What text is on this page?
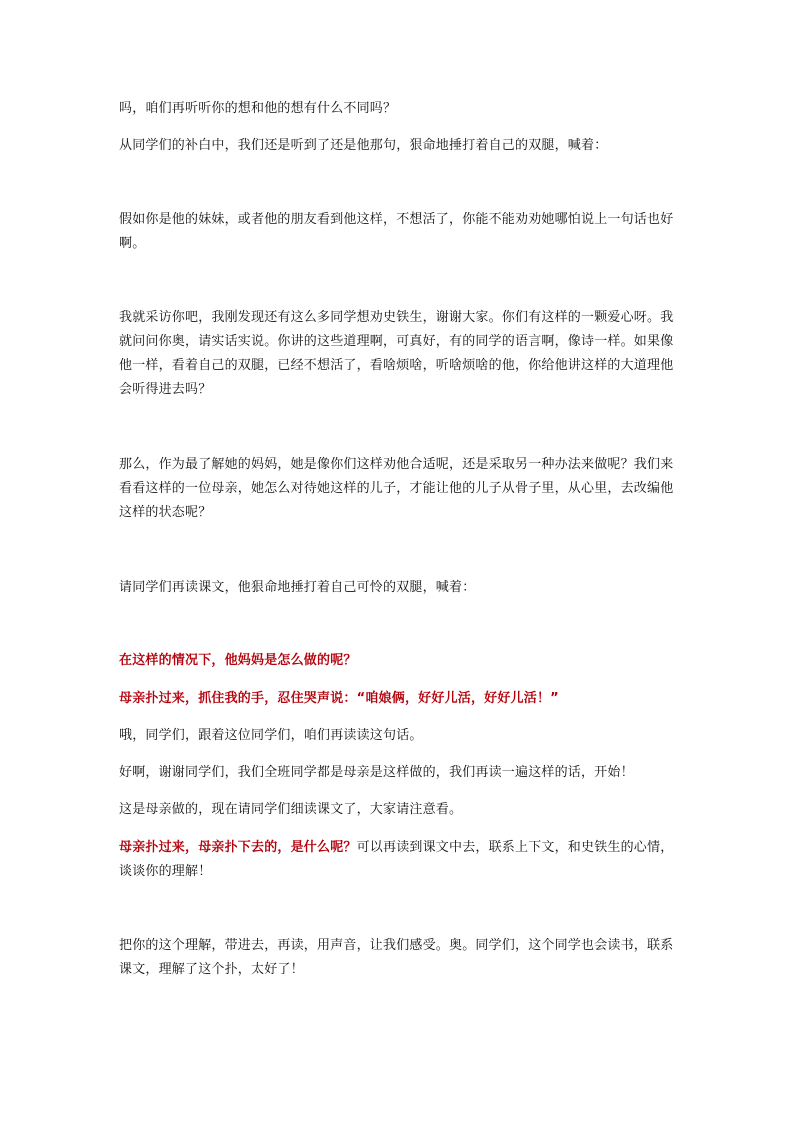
吗，咱们再听听你的想和他的想有什么不同吗？

从同学们的补白中，我们还是听到了还是他那句，狠命地捶打着自己的双腿，喊着：

假如你是他的妹妹，或者他的朋友看到他这样，不想活了，你能不能劝劝她哪怕说上一句话也好啊。

我就采访你吧，我刚发现还有这么多同学想劝史铁生，谢谢大家。你们有这样的一颗爱心呀。我就问问你奥，请实话实说。你讲的这些道理啊，可真好，有的同学的语言啊，像诗一样。如果像他一样，看着自己的双腿，已经不想活了，看啥烦啥，听啥烦啥的他，你给他讲这样的大道理他会听得进去吗？

那么，作为最了解她的妈妈，她是像你们这样劝他合适呢，还是采取另一种办法来做呢？我们来看看这样的一位母亲，她怎么对待她这样的儿子，才能让他的儿子从骨子里，从心里，去改编他这样的状态呢？

请同学们再读课文，他狠命地捶打着自己可怜的双腿，喊着：

在这样的情况下，他妈妈是怎么做的呢？

母亲扑过来，抓住我的手，忍住哭声说：“咱娘俩，好好儿活，好好儿活！”

哦，同学们，跟着这位同学们，咱们再读读这句话。

好啊，谢谢同学们，我们全班同学都是母亲是这样做的，我们再读一遍这样的话，开始！

这是母亲做的，现在请同学们细读课文了，大家请注意看。

母亲扑过来，母亲扑下去的，是什么呢？可以再读到课文中去，联系上下文，和史铁生的心情，谈谈你的理解！

把你的这个理解，带进去，再读，用声音，让我们感受。奥。同学们，这个同学也会读书，联系课文，理解了这个扑，太好了！
